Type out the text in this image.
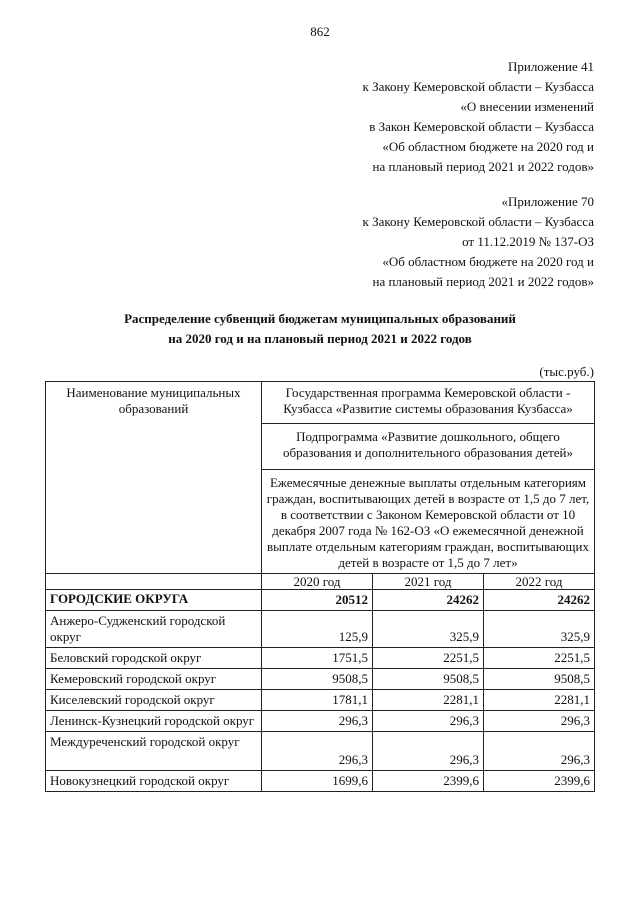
862
Приложение 41
к Закону Кемеровской области – Кузбасса
«О внесении изменений
в Закон Кемеровской области – Кузбасса
«Об областном бюджете на 2020 год и
на плановый период 2021 и 2022 годов»
«Приложение 70
к Закону Кемеровской области – Кузбасса
от 11.12.2019 № 137-ОЗ
«Об областном бюджете на 2020 год и
на плановый период 2021 и 2022 годов»
Распределение субвенций бюджетам муниципальных образований
на 2020 год и на плановый период 2021 и 2022 годов
(тыс.руб.)
Наименование муниципальных образований	Государственная программа Кемеровской области - Кузбасса «Развитие системы образования Кузбасса»		
	Подпрограмма «Развитие дошкольного, общего образования и дополнительного образования детей»		
	Ежемесячные денежные выплаты отдельным категориям граждан, воспитывающих детей в возрасте от 1,5 до 7 лет, в соответствии с Законом Кемеровской области от 10 декабря 2007 года № 162-ОЗ «О ежемесячной денежной выплате отдельным категориям граждан, воспитывающих детей в возрасте от 1,5 до 7 лет»		
	2020 год	2021 год	2022 год
ГОРОДСКИЕ ОКРУГА	20512	24262	24262
Анжеро-Судженский городской округ	125,9	325,9	325,9
Беловский городской округ	1751,5	2251,5	2251,5
Кемеровский городской округ	9508,5	9508,5	9508,5
Киселевский городской округ	1781,1	2281,1	2281,1
Ленинск-Кузнецкий городской округ	296,3	296,3	296,3
Междуреченский городской округ	296,3	296,3	296,3
Новокузнецкий городской округ	1699,6	2399,6	2399,6
